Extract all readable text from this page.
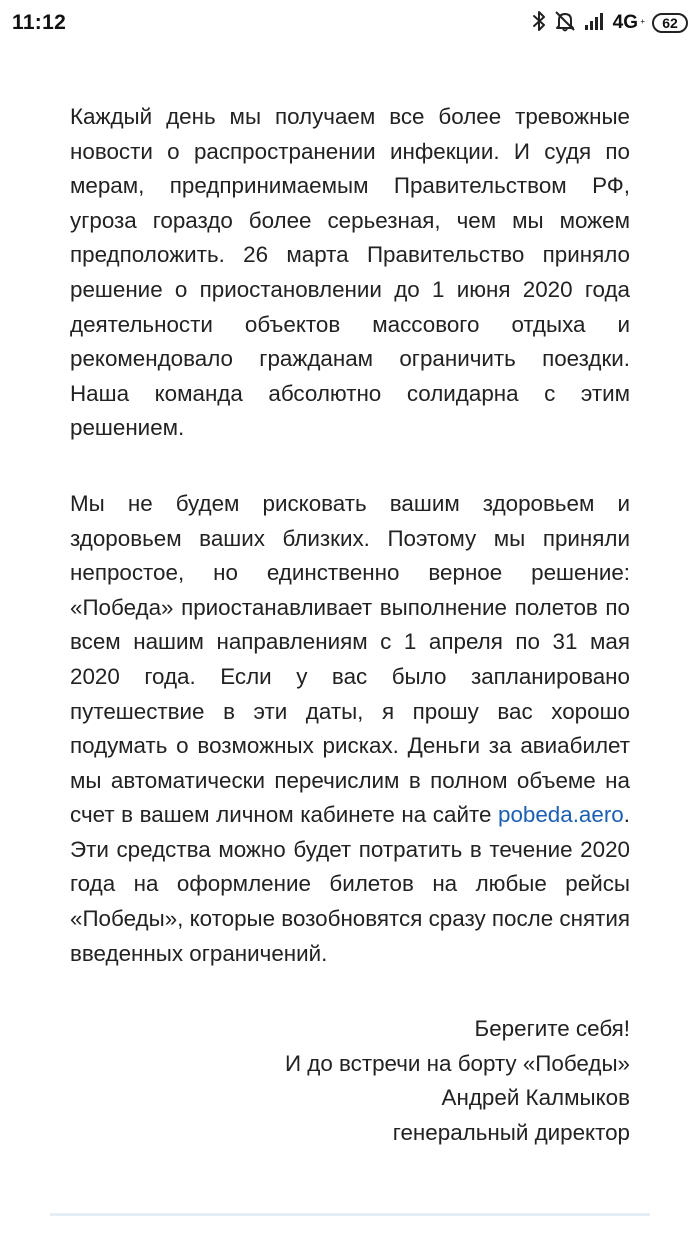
11:12	4G + 62

Каждый день мы получаем все более тревожные новости о распространении инфекции. И судя по мерам, предпринимаемым Правительством РФ, угроза гораздо более серьезная, чем мы можем предположить. 26 марта Правительство приняло решение о приостановлении до 1 июня 2020 года деятельности объектов массового отдыха и рекомендовало гражданам ограничить поездки. Наша команда абсолютно солидарна с этим решением.

Мы не будем рисковать вашим здоровьем и здоровьем ваших близких. Поэтому мы приняли непростое, но единственно верное решение: «Победа» приостанавливает выполнение полетов по всем нашим направлениям с 1 апреля по 31 мая 2020 года. Если у вас было запланировано путешествие в эти даты, я прошу вас хорошо подумать о возможных рисках. Деньги за авиабилет мы автоматически перечислим в полном объеме на счет в вашем личном кабинете на сайте pobeda.aero. Эти средства можно будет потратить в течение 2020 года на оформление билетов на любые рейсы «Победы», которые возобновятся сразу после снятия введенных ограничений.

Берегите себя!
И до встречи на борту «Победы»
Андрей Калмыков
генеральный директор
